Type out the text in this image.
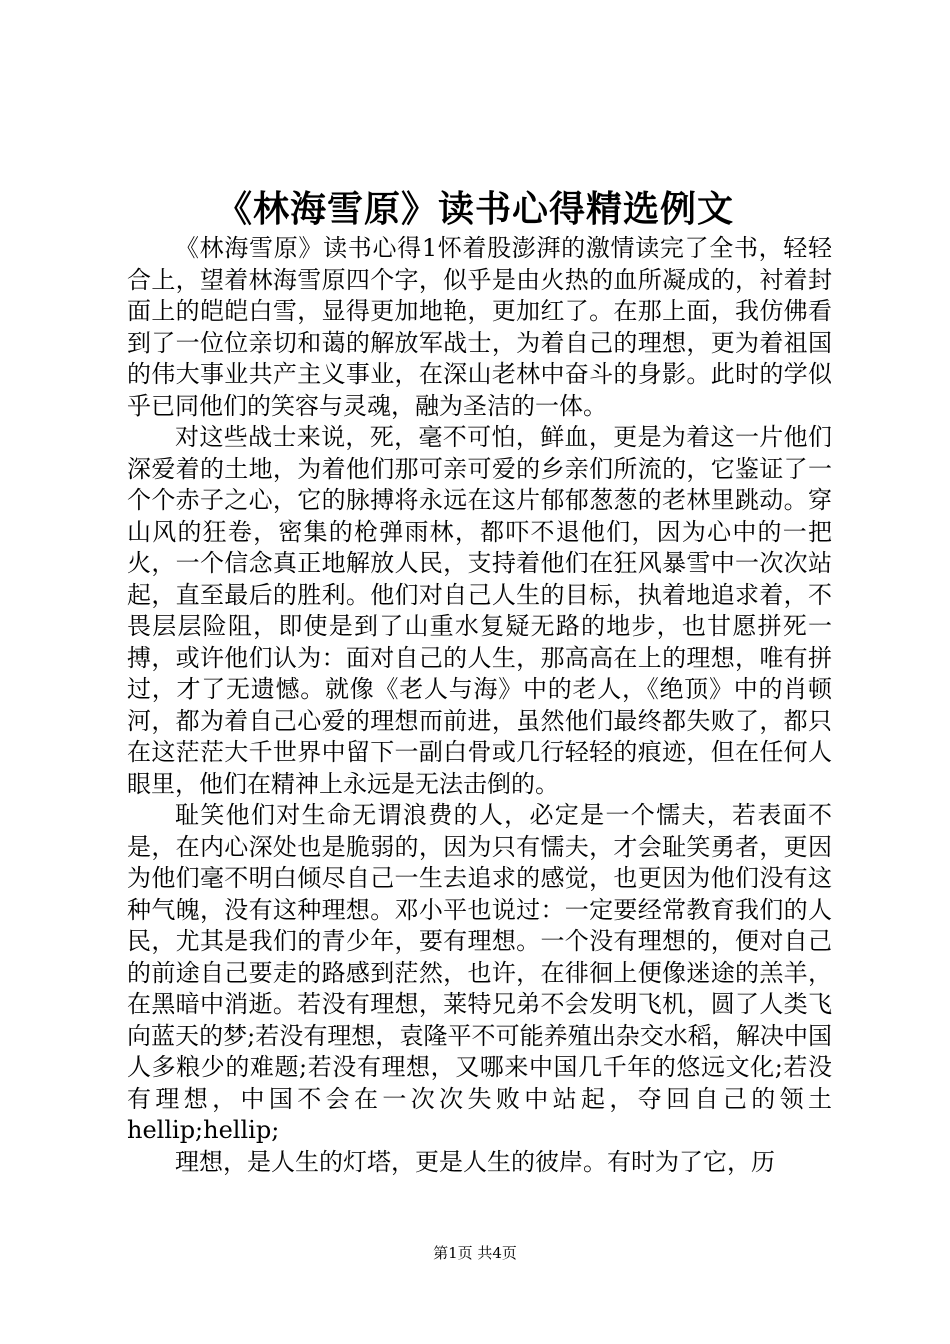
《林海雪原》读书心得精选例文

《林海雪原》读书心得1怀着股澎湃的激情读完了全书，轻轻合上，望着林海雪原四个字，似乎是由火热的血所凝成的，衬着封面上的皑皑白雪，显得更加地艳，更加红了。在那上面，我仿佛看到了一位位亲切和蔼的解放军战士，为着自己的理想，更为着祖国的伟大事业共产主义事业，在深山老林中奋斗的身影。此时的学似乎已同他们的笑容与灵魂，融为圣洁的一体。

对这些战士来说，死，毫不可怕，鲜血，更是为着这一片他们深爱着的土地，为着他们那可亲可爱的乡亲们所流的，它鉴证了一个个赤子之心，它的脉搏将永远在这片郁郁葱葱的老林里跳动。穿山风的狂卷，密集的枪弹雨林，都吓不退他们，因为心中的一把火，一个信念真正地解放人民，支持着他们在狂风暴雪中一次次站起，直至最后的胜利。他们对自己人生的目标，执着地追求着，不畏层层险阻，即使是到了山重水复疑无路的地步，也甘愿拼死一搏，或许他们认为：面对自己的人生，那高高在上的理想，唯有拼过，才了无遗憾。就像《老人与海》中的老人，《绝顶》中的肖顿河，都为着自己心爱的理想而前进，虽然他们最终都失败了，都只在这茫茫大千世界中留下一副白骨或几行轻轻的痕迹，但在任何人眼里，他们在精神上永远是无法击倒的。

耻笑他们对生命无谓浪费的人，必定是一个懦夫，若表面不是，在内心深处也是脆弱的，因为只有懦夫，才会耻笑勇者，更因为他们毫不明白倾尽自己一生去追求的感觉，也更因为他们没有这种气魄，没有这种理想。邓小平也说过：一定要经常教育我们的人民，尤其是我们的青少年，要有理想。一个没有理想的，便对自己的前途自己要走的路感到茫然，也许，在徘徊上便像迷途的羔羊，在黑暗中消逝。若没有理想，莱特兄弟不会发明飞机，圆了人类飞向蓝天的梦;若没有理想，袁隆平不可能养殖出杂交水稻，解决中国人多粮少的难题;若没有理想，又哪来中国几千年的悠远文化;若没有理想，中国不会在一次次失败中站起，夺回自己的领土hellip;hellip;

理想，是人生的灯塔，更是人生的彼岸。有时为了它，历

第1页 共4页
